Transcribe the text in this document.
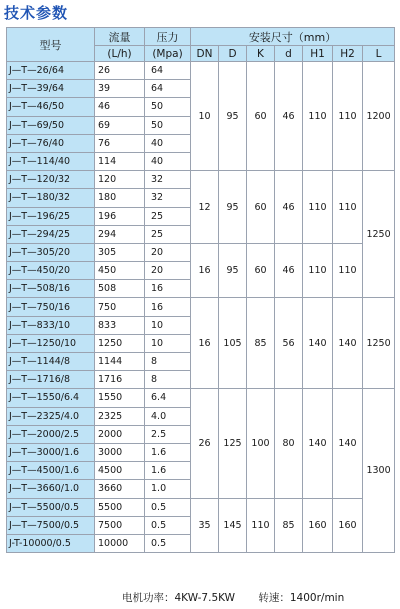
技术参数
型号	流量	压力	安装尺寸（mm）						
	(L/h)	(Mpa)	DN	D	K	d	H1	H2	L
J—T—26/64	26	64	10	95	60	46	110	110	1200
J—T—39/64	39	64							
J—T—46/50	46	50							
J—T—69/50	69	50							
J—T—76/40	76	40							
J—T—114/40	114	40							
J—T—120/32	120	32	12	95	60	46	110	110	1250
J—T—180/32	180	32							
J—T—196/25	196	25							
J—T—294/25	294	25							
J—T—305/20	305	20	16	95	60	46	110	110	
J—T—450/20	450	20							
J—T—508/16	508	16							
J—T—750/16	750	16	16	105	85	56	140	140	1250
J—T—833/10	833	10							
J—T—1250/10	1250	10							
J—T—1144/8	1144	8							
J—T—1716/8	1716	8							
J—T—1550/6.4	1550	6.4	26	125	100	80	140	140	1300
J—T—2325/4.0	2325	4.0							
J—T—2000/2.5	2000	2.5							
J—T—3000/1.6	3000	1.6							
J—T—4500/1.6	4500	1.6							
J—T—3660/1.0	3660	1.0							
J—T—5500/0.5	5500	0.5	35	145	110	85	160	160	
J—T—7500/0.5	7500	0.5							
J-T-10000/0.5	10000	0.5							
电机功率：4KW-7.5KW 转速：1400r/min
